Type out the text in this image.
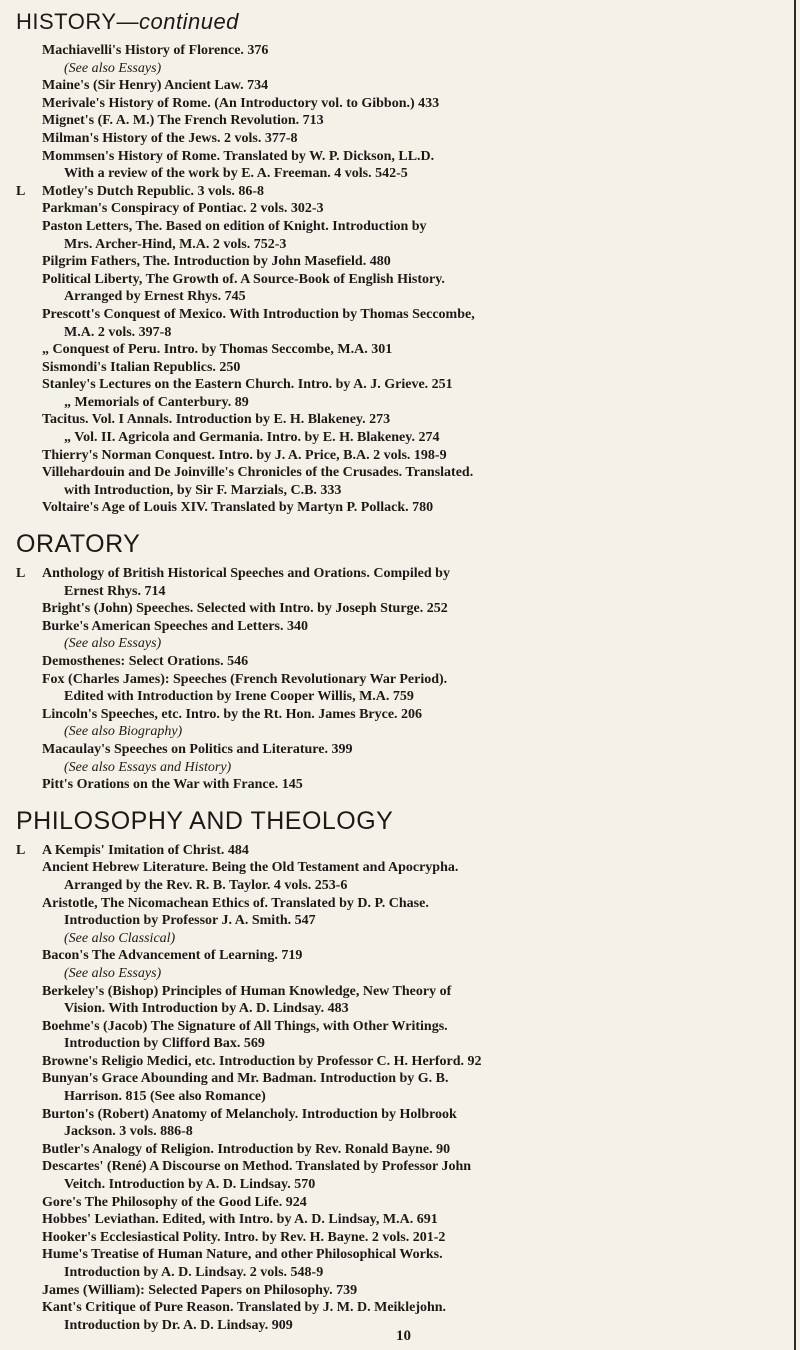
HISTORY—continued
Machiavelli's History of Florence. 376
(See also Essays)
Maine's (Sir Henry) Ancient Law. 734
Merivale's History of Rome. (An Introductory vol. to Gibbon.) 433
Mignet's (F. A. M.) The French Revolution. 713
Milman's History of the Jews. 2 vols. 377-8
Mommsen's History of Rome. Translated by W. P. Dickson, LL.D.
With a review of the work by E. A. Freeman. 4 vols. 542-5
L Motley's Dutch Republic. 3 vols. 86-8
Parkman's Conspiracy of Pontiac. 2 vols. 302-3
Paston Letters, The. Based on edition of Knight. Introduction by
Mrs. Archer-Hind, M.A. 2 vols. 752-3
Pilgrim Fathers, The. Introduction by John Masefield. 480
Political Liberty, The Growth of. A Source-Book of English History.
Arranged by Ernest Rhys. 745
Prescott's Conquest of Mexico. With Introduction by Thomas Seccombe,
M.A. 2 vols. 397-8
„ Conquest of Peru. Intro. by Thomas Seccombe, M.A. 301
Sismondi's Italian Republics. 250
Stanley's Lectures on the Eastern Church. Intro. by A. J. Grieve. 251
„ Memorials of Canterbury. 89
Tacitus. Vol. I Annals. Introduction by E. H. Blakeney. 273
„ Vol. II. Agricola and Germania. Intro. by E. H. Blakeney. 274
Thierry's Norman Conquest. Intro. by J. A. Price, B.A. 2 vols. 198-9
Villehardouin and De Joinville's Chronicles of the Crusades. Translated.
with Introduction, by Sir F. Marzials, C.B. 333
Voltaire's Age of Louis XIV. Translated by Martyn P. Pollack. 780
ORATORY
L Anthology of British Historical Speeches and Orations. Compiled by
Ernest Rhys. 714
Bright's (John) Speeches. Selected with Intro. by Joseph Sturge. 252
Burke's American Speeches and Letters. 340
(See also Essays)
Demosthenes: Select Orations. 546
Fox (Charles James): Speeches (French Revolutionary War Period).
Edited with Introduction by Irene Cooper Willis, M.A. 759
Lincoln's Speeches, etc. Intro. by the Rt. Hon. James Bryce. 206
(See also Biography)
Macaulay's Speeches on Politics and Literature. 399
(See also Essays and History)
Pitt's Orations on the War with France. 145
PHILOSOPHY AND THEOLOGY
L A Kempis' Imitation of Christ. 484
Ancient Hebrew Literature. Being the Old Testament and Apocrypha.
Arranged by the Rev. R. B. Taylor. 4 vols. 253-6
Aristotle, The Nicomachean Ethics of. Translated by D. P. Chase.
Introduction by Professor J. A. Smith. 547
(See also Classical)
Bacon's The Advancement of Learning. 719
(See also Essays)
Berkeley's (Bishop) Principles of Human Knowledge, New Theory of
Vision. With Introduction by A. D. Lindsay. 483
Boehme's (Jacob) The Signature of All Things, with Other Writings.
Introduction by Clifford Bax. 569
Browne's Religio Medici, etc. Introduction by Professor C. H. Herford. 92
Bunyan's Grace Abounding and Mr. Badman. Introduction by G. B.
Harrison. 815 (See also Romance)
Burton's (Robert) Anatomy of Melancholy. Introduction by Holbrook
Jackson. 3 vols. 886-8
Butler's Analogy of Religion. Introduction by Rev. Ronald Bayne. 90
Descartes' (René) A Discourse on Method. Translated by Professor John
Veitch. Introduction by A. D. Lindsay. 570
Gore's The Philosophy of the Good Life. 924
Hobbes' Leviathan. Edited, with Intro. by A. D. Lindsay, M.A. 691
Hooker's Ecclesiastical Polity. Intro. by Rev. H. Bayne. 2 vols. 201-2
Hume's Treatise of Human Nature, and other Philosophical Works.
Introduction by A. D. Lindsay. 2 vols. 548-9
James (William): Selected Papers on Philosophy. 739
Kant's Critique of Pure Reason. Translated by J. M. D. Meiklejohn.
Introduction by Dr. A. D. Lindsay. 909
10
